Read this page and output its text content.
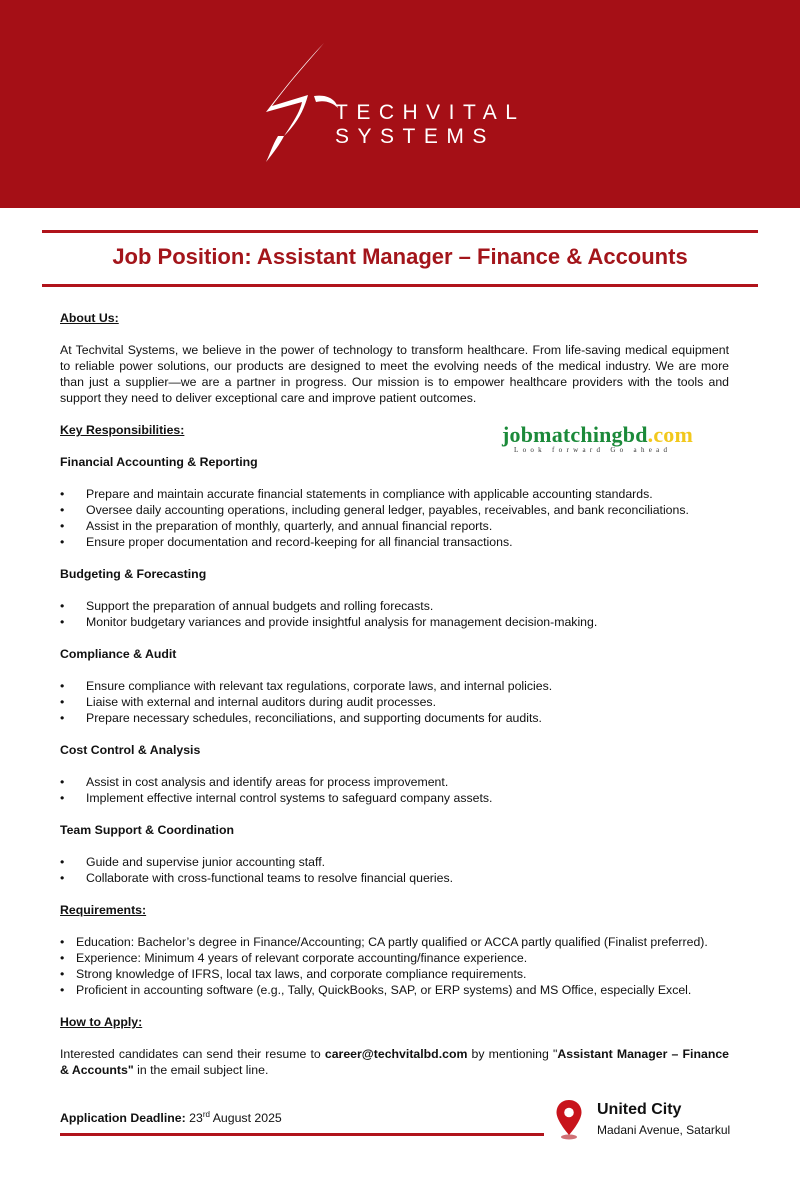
TECHVITAL
SYSTEMS
Job Position: Assistant Manager – Finance & Accounts
jobmatchingbd.com
Look forward Go ahead
About Us:

At Techvital Systems, we believe in the power of technology to transform healthcare. From life-saving medical equipment to reliable power solutions, our products are designed to meet the evolving needs of the medical industry. We are more than just a supplier—we are a partner in progress. Our mission is to empower healthcare providers with the tools and support they need to deliver exceptional care and improve patient outcomes.

Key Responsibilities:
Financial Accounting & Reporting
• Prepare and maintain accurate financial statements in compliance with applicable accounting standards.
• Oversee daily accounting operations, including general ledger, payables, receivables, and bank reconciliations.
• Assist in the preparation of monthly, quarterly, and annual financial reports.
• Ensure proper documentation and record-keeping for all financial transactions.
Budgeting & Forecasting
• Support the preparation of annual budgets and rolling forecasts.
• Monitor budgetary variances and provide insightful analysis for management decision-making.
Compliance & Audit
• Ensure compliance with relevant tax regulations, corporate laws, and internal policies.
• Liaise with external and internal auditors during audit processes.
• Prepare necessary schedules, reconciliations, and supporting documents for audits.
Cost Control & Analysis
• Assist in cost analysis and identify areas for process improvement.
• Implement effective internal control systems to safeguard company assets.
Team Support & Coordination
• Guide and supervise junior accounting staff.
• Collaborate with cross-functional teams to resolve financial queries.
Requirements:
• Education: Bachelor’s degree in Finance/Accounting; CA partly qualified or ACCA partly qualified (Finalist preferred).
• Experience: Minimum 4 years of relevant corporate accounting/finance experience.
• Strong knowledge of IFRS, local tax laws, and corporate compliance requirements.
• Proficient in accounting software (e.g., Tally, QuickBooks, SAP, or ERP systems) and MS Office, especially Excel.
How to Apply:

Interested candidates can send their resume to career@techvitalbd.com by mentioning "Assistant Manager – Finance & Accounts" in the email subject line.

Application Deadline: 23rd August 2025	United City
Madani Avenue, Satarkul
